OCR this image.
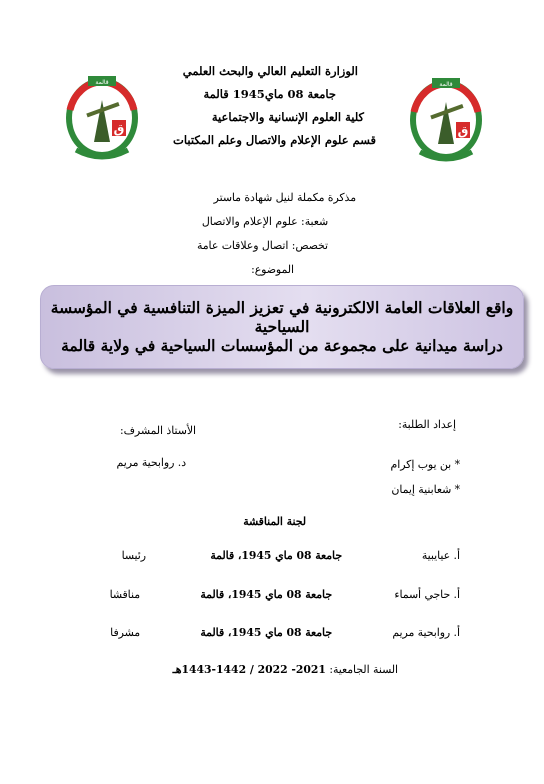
قالمة
ق
قالمة
ق
الوزارة التعليم العالي والبحث العلمي
جامعة 08 ماي1945 قالمة
كلية العلوم الإنسانية والاجتماعية
قسم علوم الإعلام والاتصال وعلم المكتبات
مذكرة مكملة لنيل شهادة ماستر
شعبة: علوم الإعلام والاتصال
تخصص: اتصال وعلاقات عامة
الموضوع:
واقع العلاقات العامة الالكترونية في تعزيز الميزة التنافسية في المؤسسة السياحية
دراسة ميدانية على مجموعة من المؤسسات السياحية في ولاية قالمة
إعداد الطلبة:
* بن يوب إكرام
* شعابنية إيمان
الأستاذ المشرف:
د. روابحية مريم
لجنة المناقشة
أ. عيايبية
جامعة 08 ماي 1945، قالمة
رئيسا
أ. حاجي أسماء
جامعة 08 ماي 1945، قالمة
مناقشا
أ. روابحية مريم
جامعة 08 ماي 1945، قالمة
مشرفا
السنة الجامعية: 2021- 2022 / 1442-1443هـ
